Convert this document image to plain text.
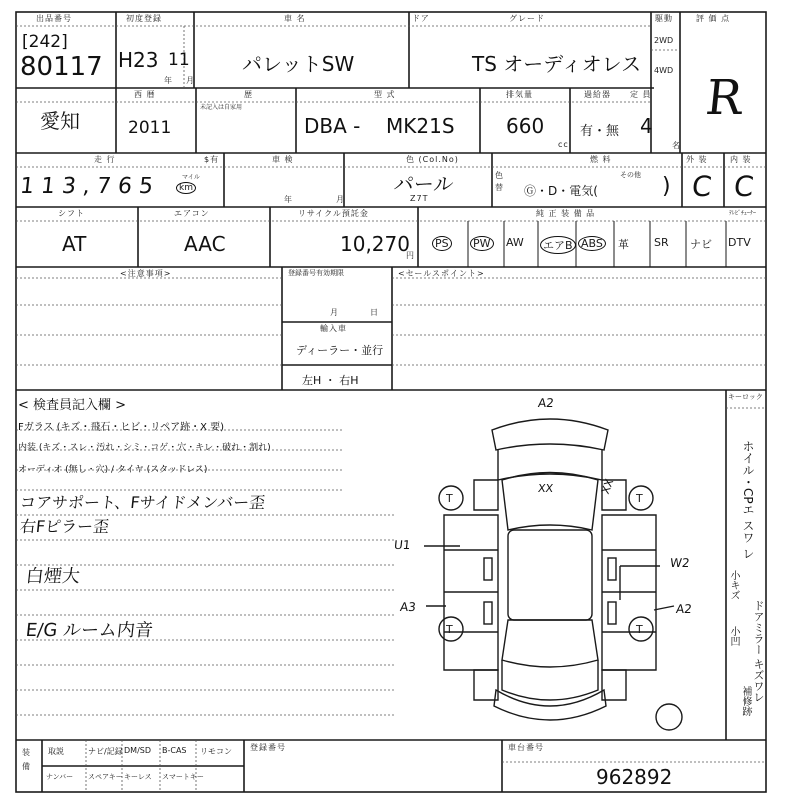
出品番号
[242]
80117
初度登録
H23 11
年 月
車 名
パレットSW
ドア	グレード
TS オーディオレス
駆動
2WD
4WD
評 価 点
R
愛知
西 暦
2011
歴
未記入は自家用
型 式
DBA - MK21S
排気量
660
cc
過給器
有・無
定 員
4
名
走 行
1 1 3 , 7 6 5	マイル
km
$有	車 検
年	月
色 (Col.No)
パール
Z7T
色替
燃 料
Ⓖ・D・電気(
その他 )
外 装
C
内 装
C
シフト
AT
エアコン
AAC
リサイクル預託金
10,270
円
純 正 装 備 品	ﾃﾚﾋﾞﾁｭｰﾅｰ
PS PW AW エアB ABS 革 SR ナビ DTV
<注意事項>	登録番号有効期限
月	日
輸入車
ディーラー・並行
左H ・ 右H
<セールスポイント>
< 検査員記入欄 >
Fガラス (キズ・飛石・ヒビ・リペア跡・X 要)
内装 (キズ・スレ・汚れ・シミ・コゲ・穴・キレ・破れ・割れ)
オーディオ (無し・穴) / タイヤ (スタッドレス)
コアサポート、Fサイドメンバー歪
右Fピラー歪
白煙大
E/G ルーム内音
T	T
T	T
A2
XX	XX
U1
A3
W2
A2
キーロック
ホイル・CPエ スワ レ
小キズ
ドアミラー キズワレ
小凹
補修跡
装備
取説	ナビ/記録 DM/SD B-CAS リモコン
ナンバー スペアキー キーレス スマートキー
登録番号	車台番号
962892
